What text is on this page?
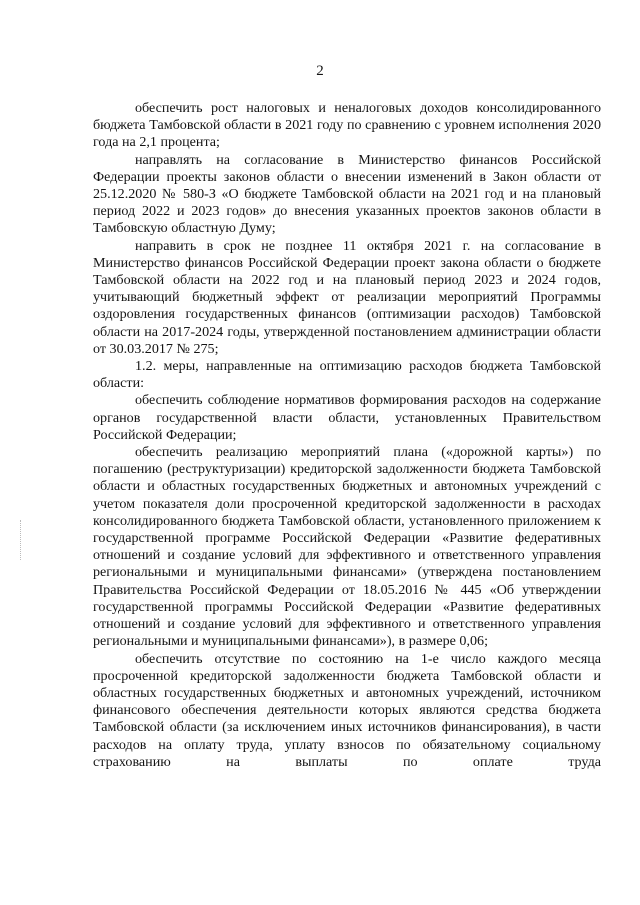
2

обеспечить рост налоговых и неналоговых доходов консолидированного бюджета Тамбовской области в 2021 году по сравнению с уровнем исполнения 2020 года на 2,1 процента;

направлять на согласование в Министерство финансов Российской Федерации проекты законов области о внесении изменений в Закон области от 25.12.2020 № 580-З «О бюджете Тамбовской области на 2021 год и на плановый период 2022 и 2023 годов» до внесения указанных проектов законов области в Тамбовскую областную Думу;

направить в срок не позднее 11 октября 2021 г. на согласование в Министерство финансов Российской Федерации проект закона области о бюджете Тамбовской области на 2022 год и на плановый период 2023 и 2024 годов, учитывающий бюджетный эффект от реализации мероприятий Программы оздоровления государственных финансов (оптимизации расходов) Тамбовской области на 2017-2024 годы, утвержденной постановлением администрации области от 30.03.2017 № 275;

1.2. меры, направленные на оптимизацию расходов бюджета Тамбовской области:

обеспечить соблюдение нормативов формирования расходов на содержание органов государственной власти области, установленных Правительством Российской Федерации;

обеспечить реализацию мероприятий плана («дорожной карты») по погашению (реструктуризации) кредиторской задолженности бюджета Тамбовской области и областных государственных бюджетных и автономных учреждений с учетом показателя доли просроченной кредиторской задолженности в расходах консолидированного бюджета Тамбовской области, установленного приложением к государственной программе Российской Федерации «Развитие федеративных отношений и создание условий для эффективного и ответственного управления региональными и муниципальными финансами» (утверждена постановлением Правительства Российской Федерации от 18.05.2016 № 445 «Об утверждении государственной программы Российской Федерации «Развитие федеративных отношений и создание условий для эффективного и ответственного управления региональными и муниципальными финансами»), в размере 0,06;

обеспечить отсутствие по состоянию на 1-е число каждого месяца просроченной кредиторской задолженности бюджета Тамбовской области и областных государственных бюджетных и автономных учреждений, источником финансового обеспечения деятельности которых являются средства бюджета Тамбовской области (за исключением иных источников финансирования), в части расходов на оплату труда, уплату взносов по обязательному социальному страхованию на выплаты по оплате труда
